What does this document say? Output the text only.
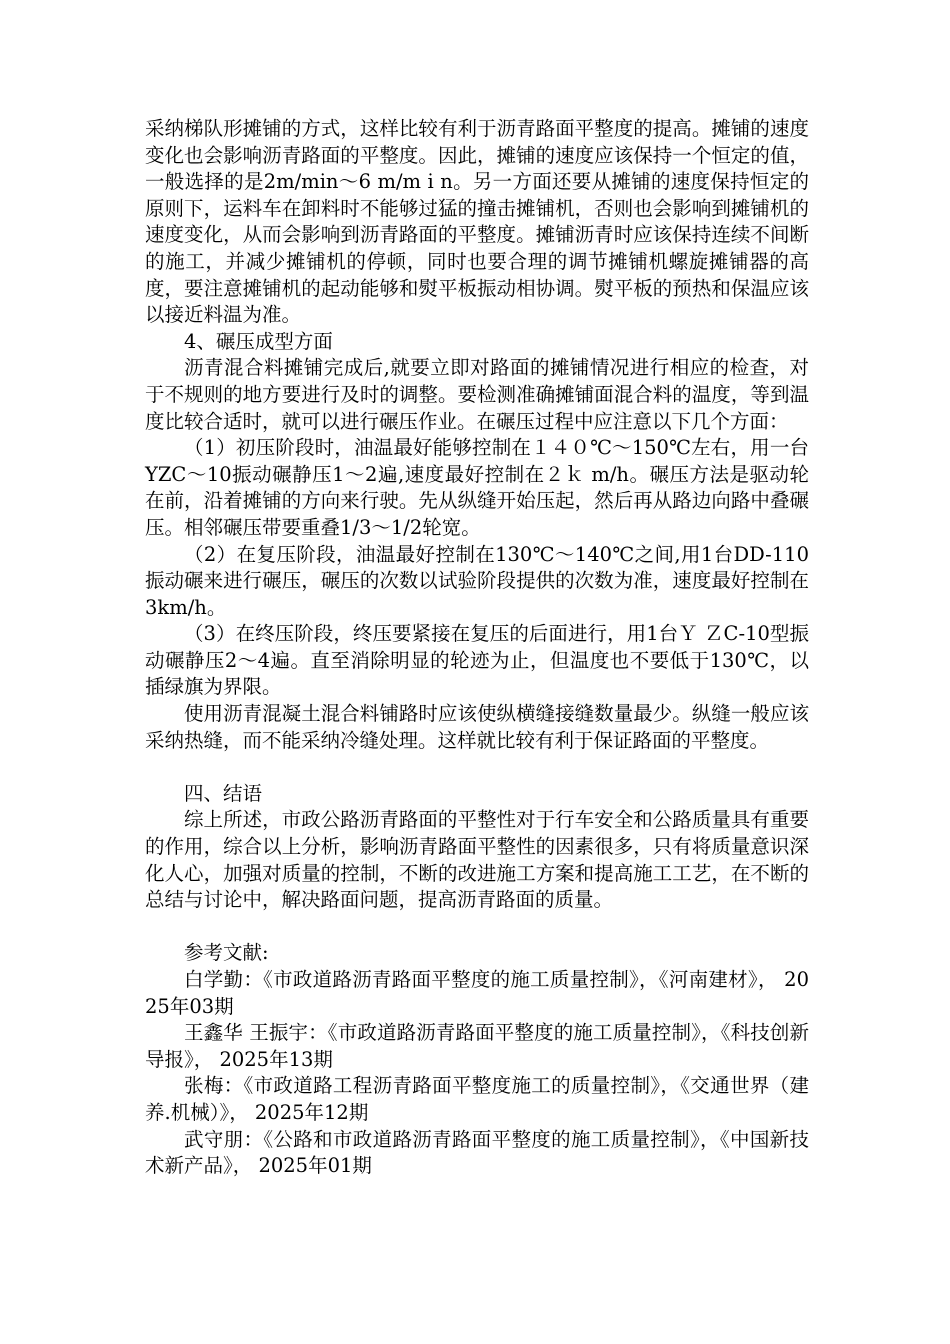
采纳梯队形摊铺的方式，这样比较有利于沥青路面平整度的提高。摊铺的速度变化也会影响沥青路面的平整度。因此，摊铺的速度应该保持一个恒定的值，一般选择的是2m/min～6 m/m i n。另一方面还要从摊铺的速度保持恒定的原则下，运料车在卸料时不能够过猛的撞击摊铺机，否则也会影响到摊铺机的速度变化，从而会影响到沥青路面的平整度。摊铺沥青时应该保持连续不间断的施工，并减少摊铺机的停顿，同时也要合理的调节摊铺机螺旋摊铺器的高度，要注意摊铺机的起动能够和熨平板振动相协调。熨平板的预热和保温应该以接近料温为准。

4、碾压成型方面

沥青混合料摊铺完成后,就要立即对路面的摊铺情况进行相应的检查，对于不规则的地方要进行及时的调整。要检测准确摊铺面混合料的温度，等到温度比较合适时，就可以进行碾压作业。在碾压过程中应注意以下几个方面：

（1）初压阶段时，油温最好能够控制在１４０℃～150℃左右，用一台YZC～10振动碾静压1～2遍,速度最好控制在２ｋ m/h。碾压方法是驱动轮在前，沿着摊铺的方向来行驶。先从纵缝开始压起，然后再从路边向路中叠碾压。相邻碾压带要重叠1/3～1/2轮宽。

（2）在复压阶段，油温最好控制在130℃～140℃之间,用1台DD-110振动碾来进行碾压，碾压的次数以试验阶段提供的次数为准，速度最好控制在3km/h。

（3）在终压阶段，终压要紧接在复压的后面进行，用1台Ｙ ＺC-10型振动碾静压2～4遍。直至消除明显的轮迹为止，但温度也不要低于130℃，以插绿旗为界限。

使用沥青混凝土混合料铺路时应该使纵横缝接缝数量最少。纵缝一般应该采纳热缝，而不能采纳冷缝处理。这样就比较有利于保证路面的平整度。

四、结语

综上所述，市政公路沥青路面的平整性对于行车安全和公路质量具有重要的作用，综合以上分析，影响沥青路面平整性的因素很多，只有将质量意识深化人心，加强对质量的控制，不断的改进施工方案和提高施工工艺，在不断的总结与讨论中，解决路面问题，提高沥青路面的质量。

参考文献:

白学勤：《市政道路沥青路面平整度的施工质量控制》，《河南建材》， 2025年03期

王鑫华 王振宇：《市政道路沥青路面平整度的施工质量控制》，《科技创新导报》， 2025年13期

张梅：《市政道路工程沥青路面平整度施工的质量控制》，《交通世界（建养.机械）》， 2025年12期

武守朋：《公路和市政道路沥青路面平整度的施工质量控制》，《中国新技术新产品》， 2025年01期
